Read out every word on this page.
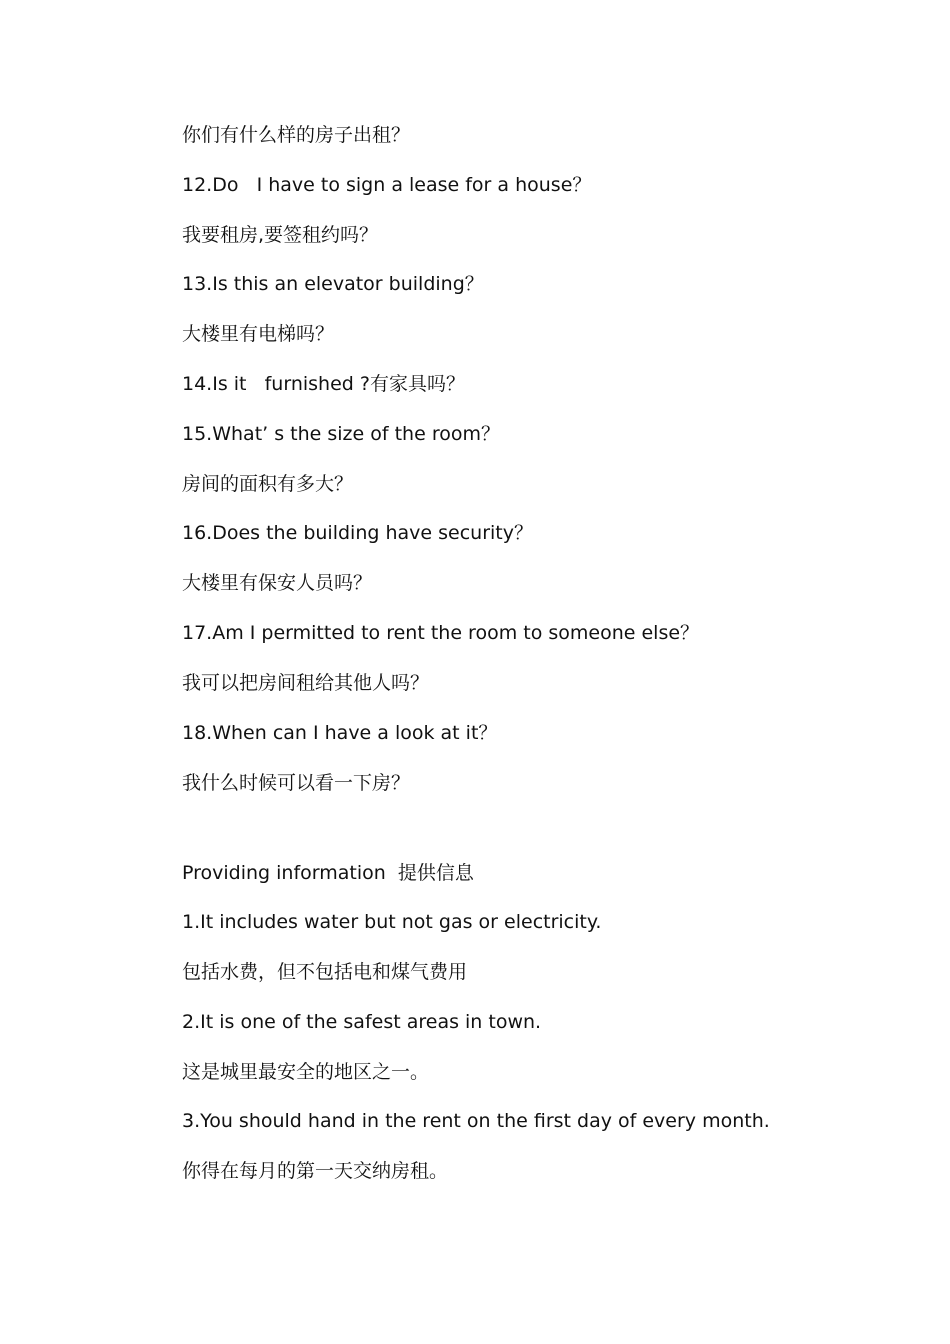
你们有什么样的房子出租？
12.Do   I have to sign a lease for a house？
我要租房,要签租约吗？
13.Is this an elevator building？
大楼里有电梯吗？
14.Is it   furnished ?有家具吗？
15.What’ s the size of the room？
房间的面积有多大？
16.Does the building have security？
大楼里有保安人员吗？
17.Am I permitted to rent the room to someone else？
我可以把房间租给其他人吗？
18.When can I have a look at it？
我什么时候可以看一下房？
Providing information  提供信息
1.It includes water but not gas or electricity.
包括水费，但不包括电和煤气费用
2.It is one of the safest areas in town.
这是城里最安全的地区之一。
3.You should hand in the rent on the first day of every month.
你得在每月的第一天交纳房租。
